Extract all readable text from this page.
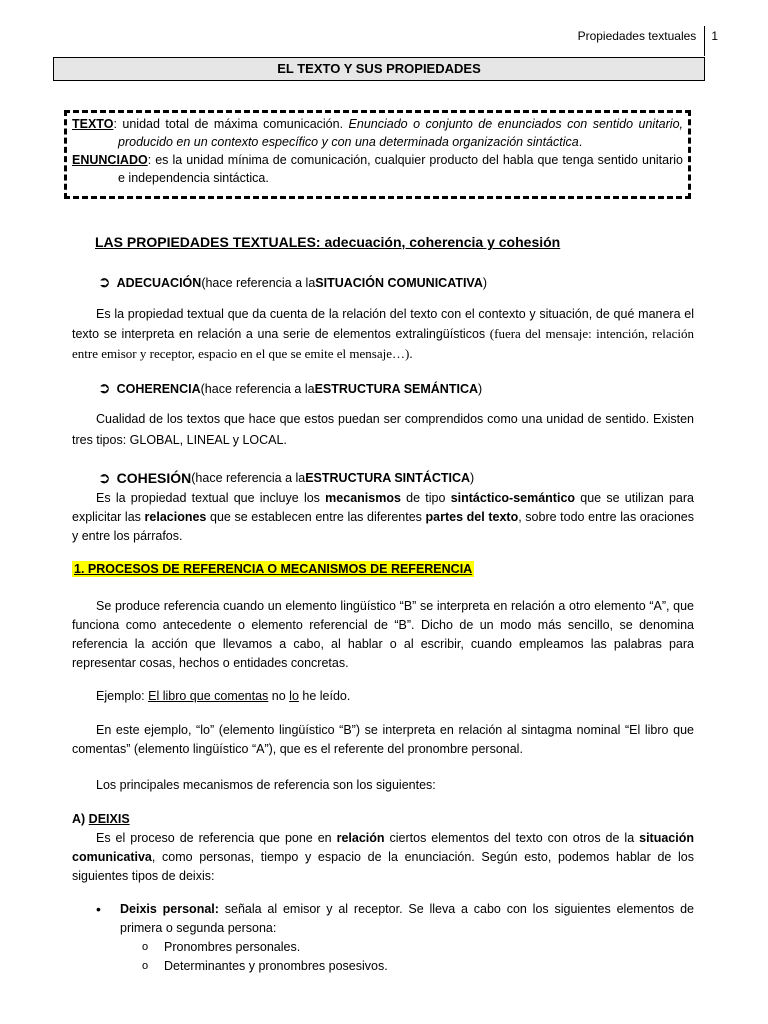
Propiedades textuales	1
EL TEXTO Y SUS PROPIEDADES

TEXTO: unidad total de máxima comunicación. Enunciado o conjunto de enunciados con sentido unitario, producido en un contexto específico y con una determinada organización sintáctica.

ENUNCIADO: es la unidad mínima de comunicación, cualquier producto del habla que tenga sentido unitario e independencia sintáctica.

LAS PROPIEDADES TEXTUALES: adecuación, coherencia y cohesión
➲ ADECUACIÓN (hace referencia a la SITUACIÓN COMUNICATIVA )

Es la propiedad textual que da cuenta de la relación del texto con el contexto y situación, de qué manera el texto se interpreta en relación a una serie de elementos extralingüísticos (fuera del mensaje: intención, relación entre emisor y receptor, espacio en el que se emite el mensaje…).

➲ COHERENCIA (hace referencia a la ESTRUCTURA SEMÁNTICA )

Cualidad de los textos que hace que estos puedan ser comprendidos como una unidad de sentido. Existen tres tipos: GLOBAL, LINEAL y LOCAL.

➲ COHESIÓN (hace referencia a la ESTRUCTURA SINTÁCTICA )

Es la propiedad textual que incluye los mecanismos de tipo sintáctico-semántico que se utilizan para explicitar las relaciones que se establecen entre las diferentes partes del texto, sobre todo entre las oraciones y entre los párrafos.

1. PROCESOS DE REFERENCIA O MECANISMOS DE REFERENCIA

Se produce referencia cuando un elemento lingüístico “B” se interpreta en relación a otro elemento “A”, que funciona como antecedente o elemento referencial de “B”. Dicho de un modo más sencillo, se denomina referencia la acción que llevamos a cabo, al hablar o al escribir, cuando empleamos las palabras para representar cosas, hechos o entidades concretas.

Ejemplo: El libro que comentas no lo he leído.

En este ejemplo, “lo” (elemento lingüístico “B”) se interpreta en relación al sintagma nominal “El libro que comentas” (elemento lingüístico “A”), que es el referente del pronombre personal.

Los principales mecanismos de referencia son los siguientes:

A) DEIXIS

Es el proceso de referencia que pone en relación ciertos elementos del texto con otros de la situación comunicativa, como personas, tiempo y espacio de la enunciación. Según esto, podemos hablar de los siguientes tipos de deixis:

• Deixis personal: señala al emisor y al receptor. Se lleva a cabo con los siguientes elementos de primera o segunda persona:
o Pronombres personales.
o Determinantes y pronombres posesivos.
